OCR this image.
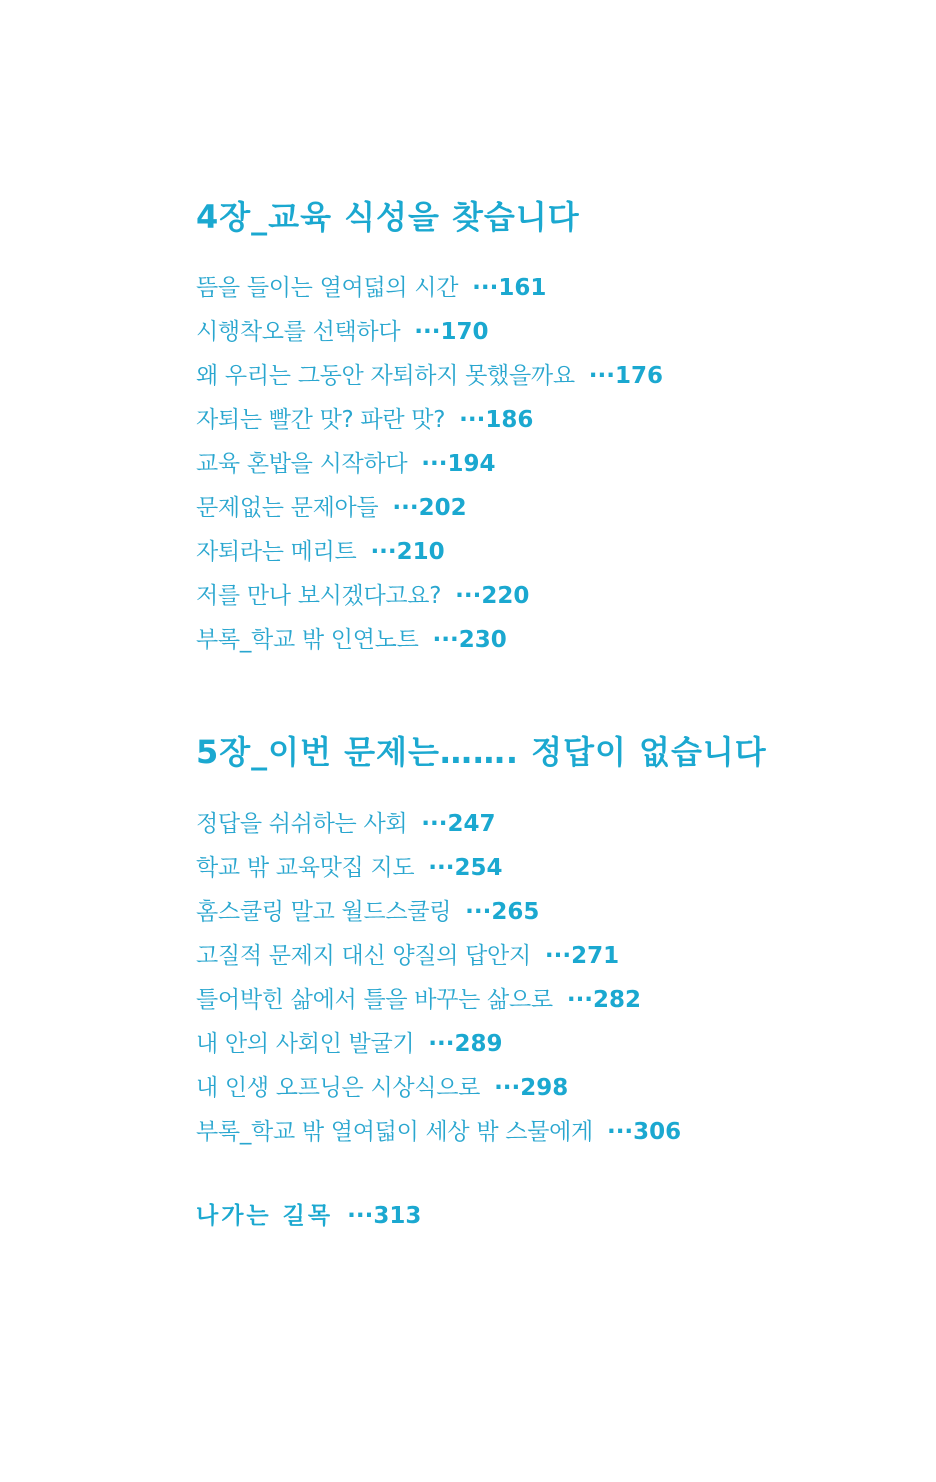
4장_교육 식성을 찾습니다
뜸을 들이는 열여덟의 시간 ···161
시행착오를 선택하다 ···170
왜 우리는 그동안 자퇴하지 못했을까요 ···176
자퇴는 빨간 맛? 파란 맛? ···186
교육 혼밥을 시작하다 ···194
문제없는 문제아들 ···202
자퇴라는 메리트 ···210
저를 만나 보시겠다고요? ···220
부록_학교 밖 인연노트 ···230
5장_이번 문제는……. 정답이 없습니다
정답을 쉬쉬하는 사회 ···247
학교 밖 교육맛집 지도 ···254
홈스쿨링 말고 월드스쿨링 ···265
고질적 문제지 대신 양질의 답안지 ···271
틀어박힌 삶에서 틀을 바꾸는 삶으로 ···282
내 안의 사회인 발굴기 ···289
내 인생 오프닝은 시상식으로 ···298
부록_학교 밖 열여덟이 세상 밖 스물에게 ···306
나가는 길목 ···313
